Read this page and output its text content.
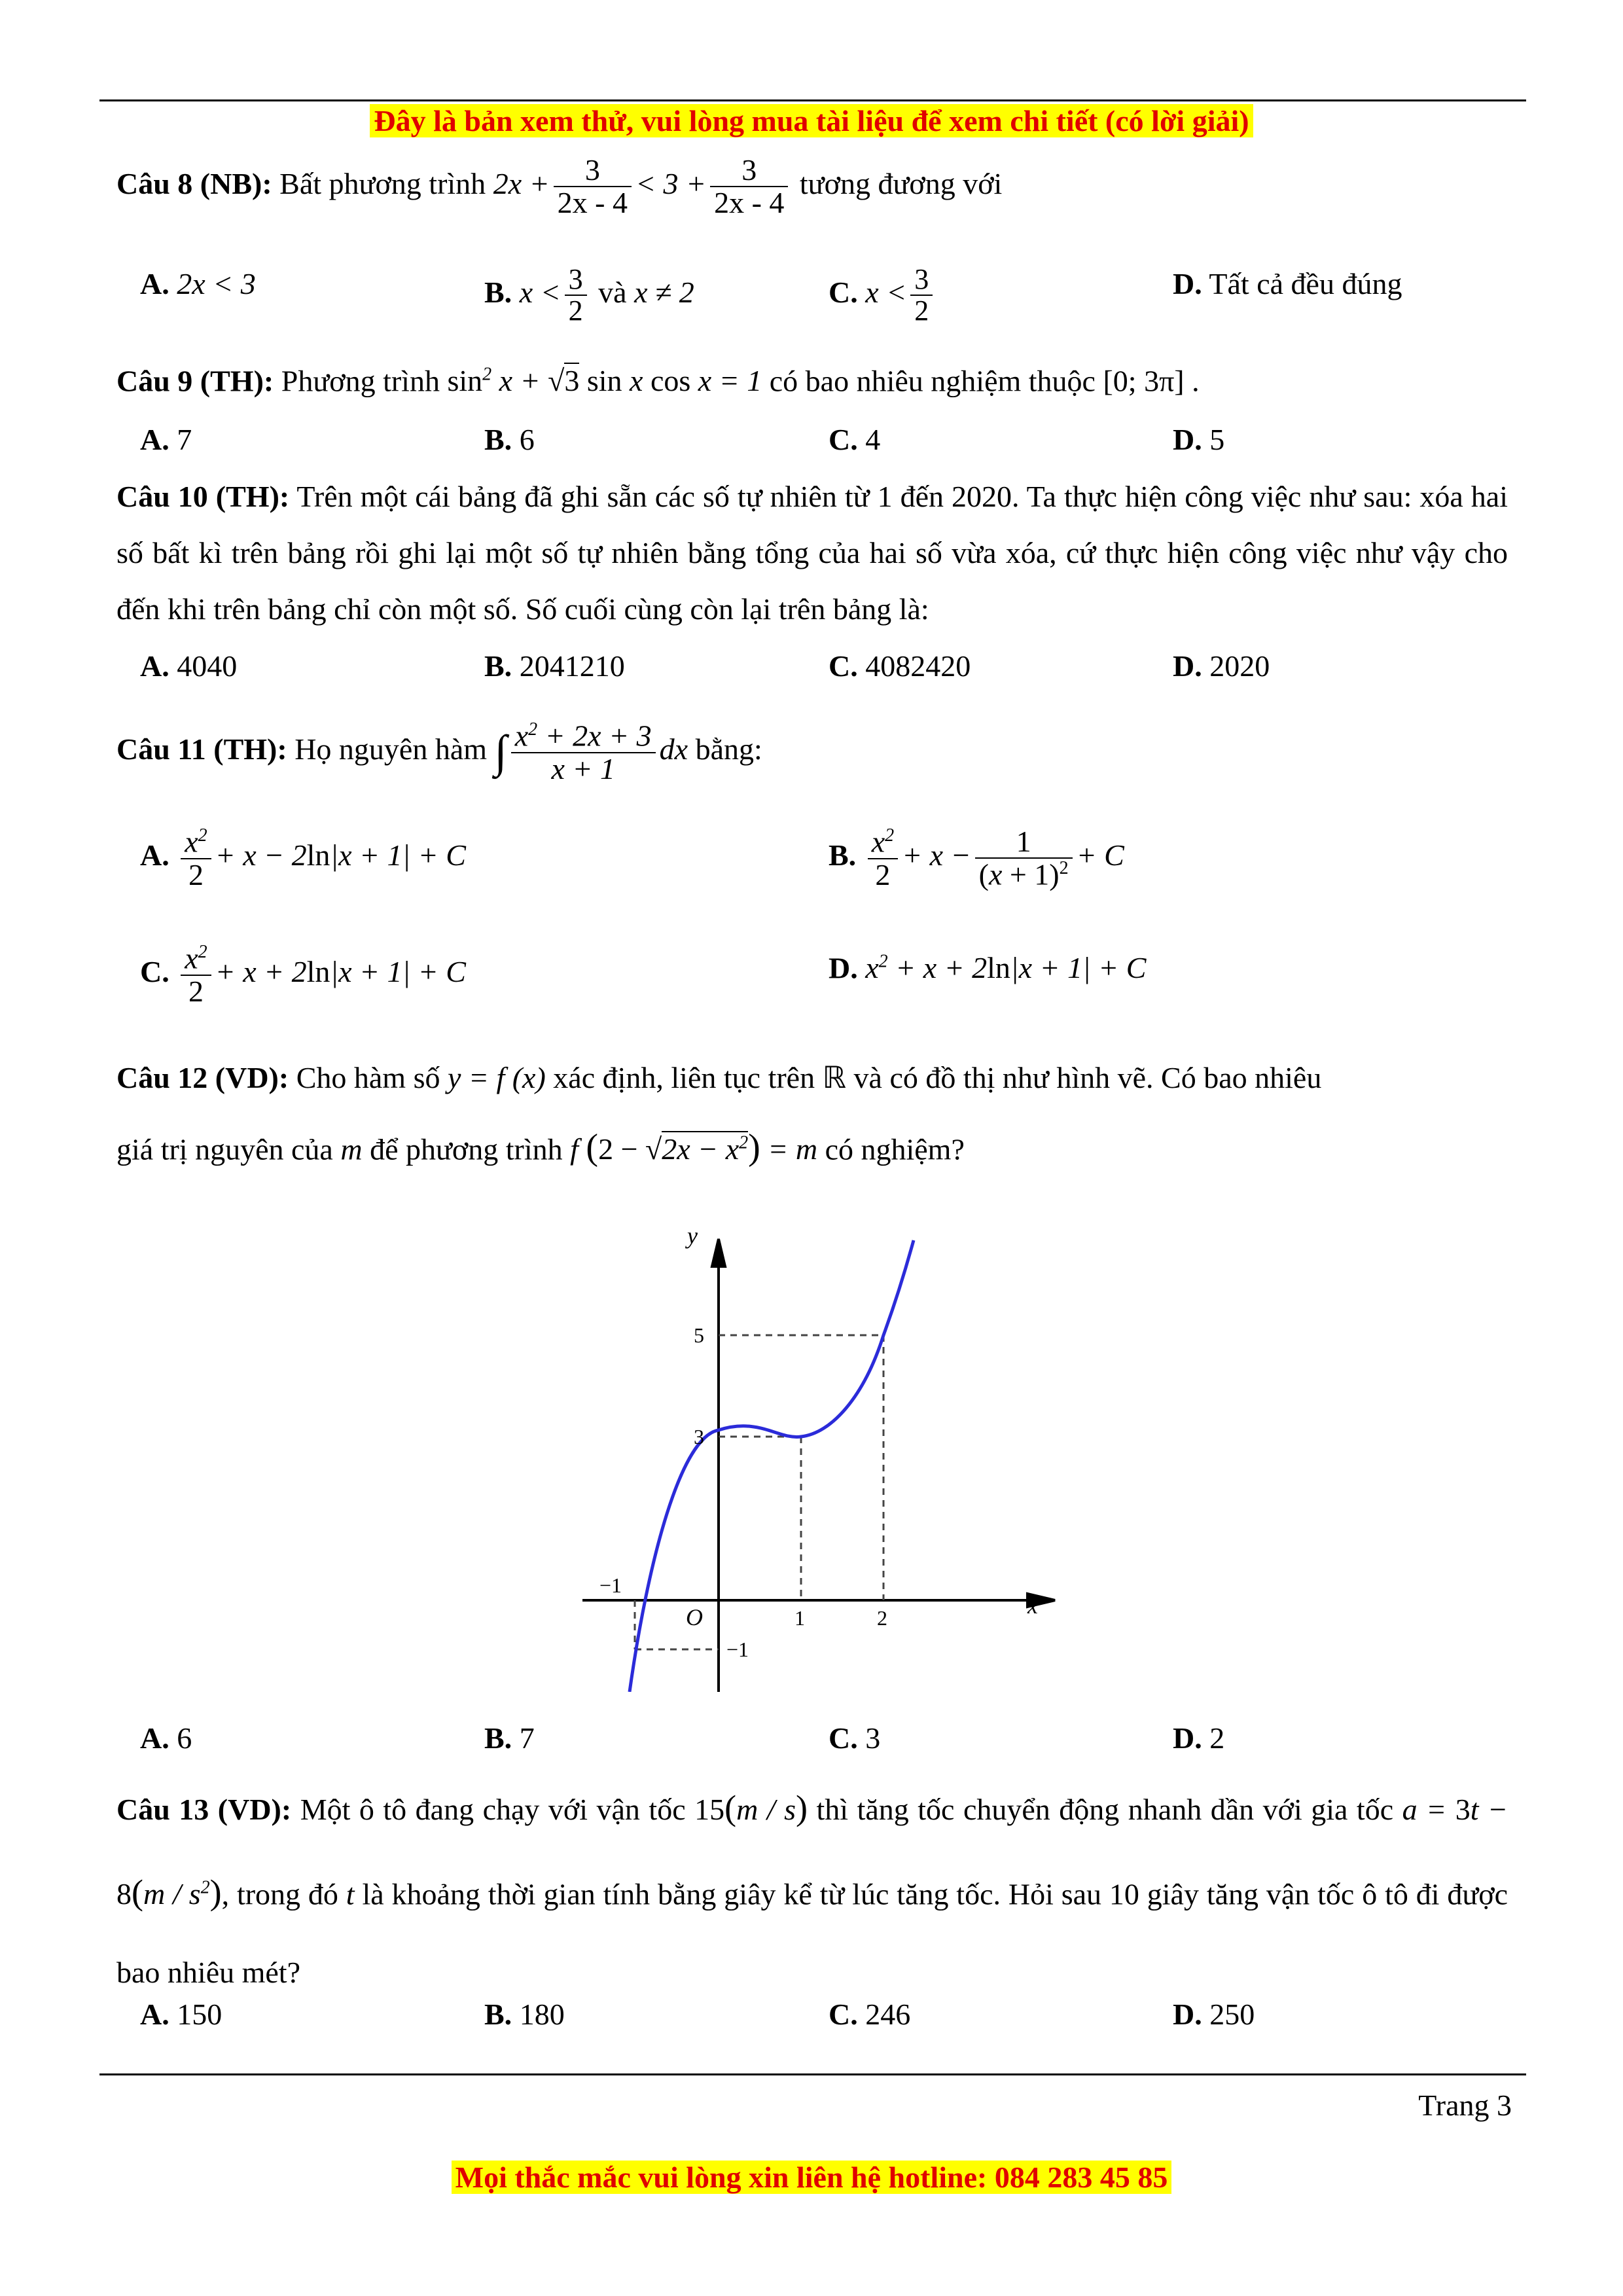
Đây là bản xem thử, vui lòng mua tài liệu để xem chi tiết (có lời giải)
Câu 8 (NB): Bất phương trình $2x + \frac{3}{2x - 4} < 3 + \frac{3}{2x - 4}$ tương đương với
A. 2x < 3	B. $x < \frac{3}{2}$ và x ≠ 2	C. $x < \frac{3}{2}$	D. Tất cả đều đúng
Câu 9 (TH): Phương trình $\sin^2 x + √3$ sin x cos x = 1 có bao nhiêu nghiệm thuộc [0; 3π] .
A. 7	B. 6	C. 4	D. 5
Câu 10 (TH): Trên một cái bảng đã ghi sẵn các số tự nhiên từ 1 đến 2020. Ta thực hiện công việc như sau: xóa hai số bất kì trên bảng rồi ghi lại một số tự nhiên bằng tổng của hai số vừa xóa, cứ thực hiện công việc như vậy cho đến khi trên bảng chỉ còn một số. Số cuối cùng còn lại trên bảng là:
A. 4040	B. 2041210	C. 4082420	D. 2020
Câu 11 (TH): Họ nguyên hàm ∫ $\frac{x^2 + 2x + 3}{x + 1}$ dx bằng:
A. $\frac{x^2}{2} + x - 2\ln|x + 1| + C$	B. $\frac{x^2}{2} + x - \frac{1}{(x + 1)^2} + C$
C. $\frac{x^2}{2} + x + 2\ln|x + 1| + C$	D. $x^2 + x + 2\ln|x + 1| + C$
Câu 12 (VD): Cho hàm số y = f (x) xác định, liên tục trên ℝ và có đồ thị như hình vẽ. Có bao nhiêu
giá trị nguyên của m để phương trình f $(2 - √2x - x^2) = m$ có nghiệm?
y
x
O
5
3
1	2
−1
−1
A. 6	B. 7	C. 3	D. 2
Câu 13 (VD): Một ô tô đang chạy với vận tốc 15(m / s) thì tăng tốc chuyển động nhanh dần với gia tốc $a = 3t - 8(m / s^2)$, trong đó t là khoảng thời gian tính bằng giây kể từ lúc tăng tốc. Hỏi sau 10 giây tăng vận tốc ô tô đi được bao nhiêu mét?
A. 150	B. 180	C. 246	D. 250
Trang 3
Mọi thắc mắc vui lòng xin liên hệ hotline: 084 283 45 85
